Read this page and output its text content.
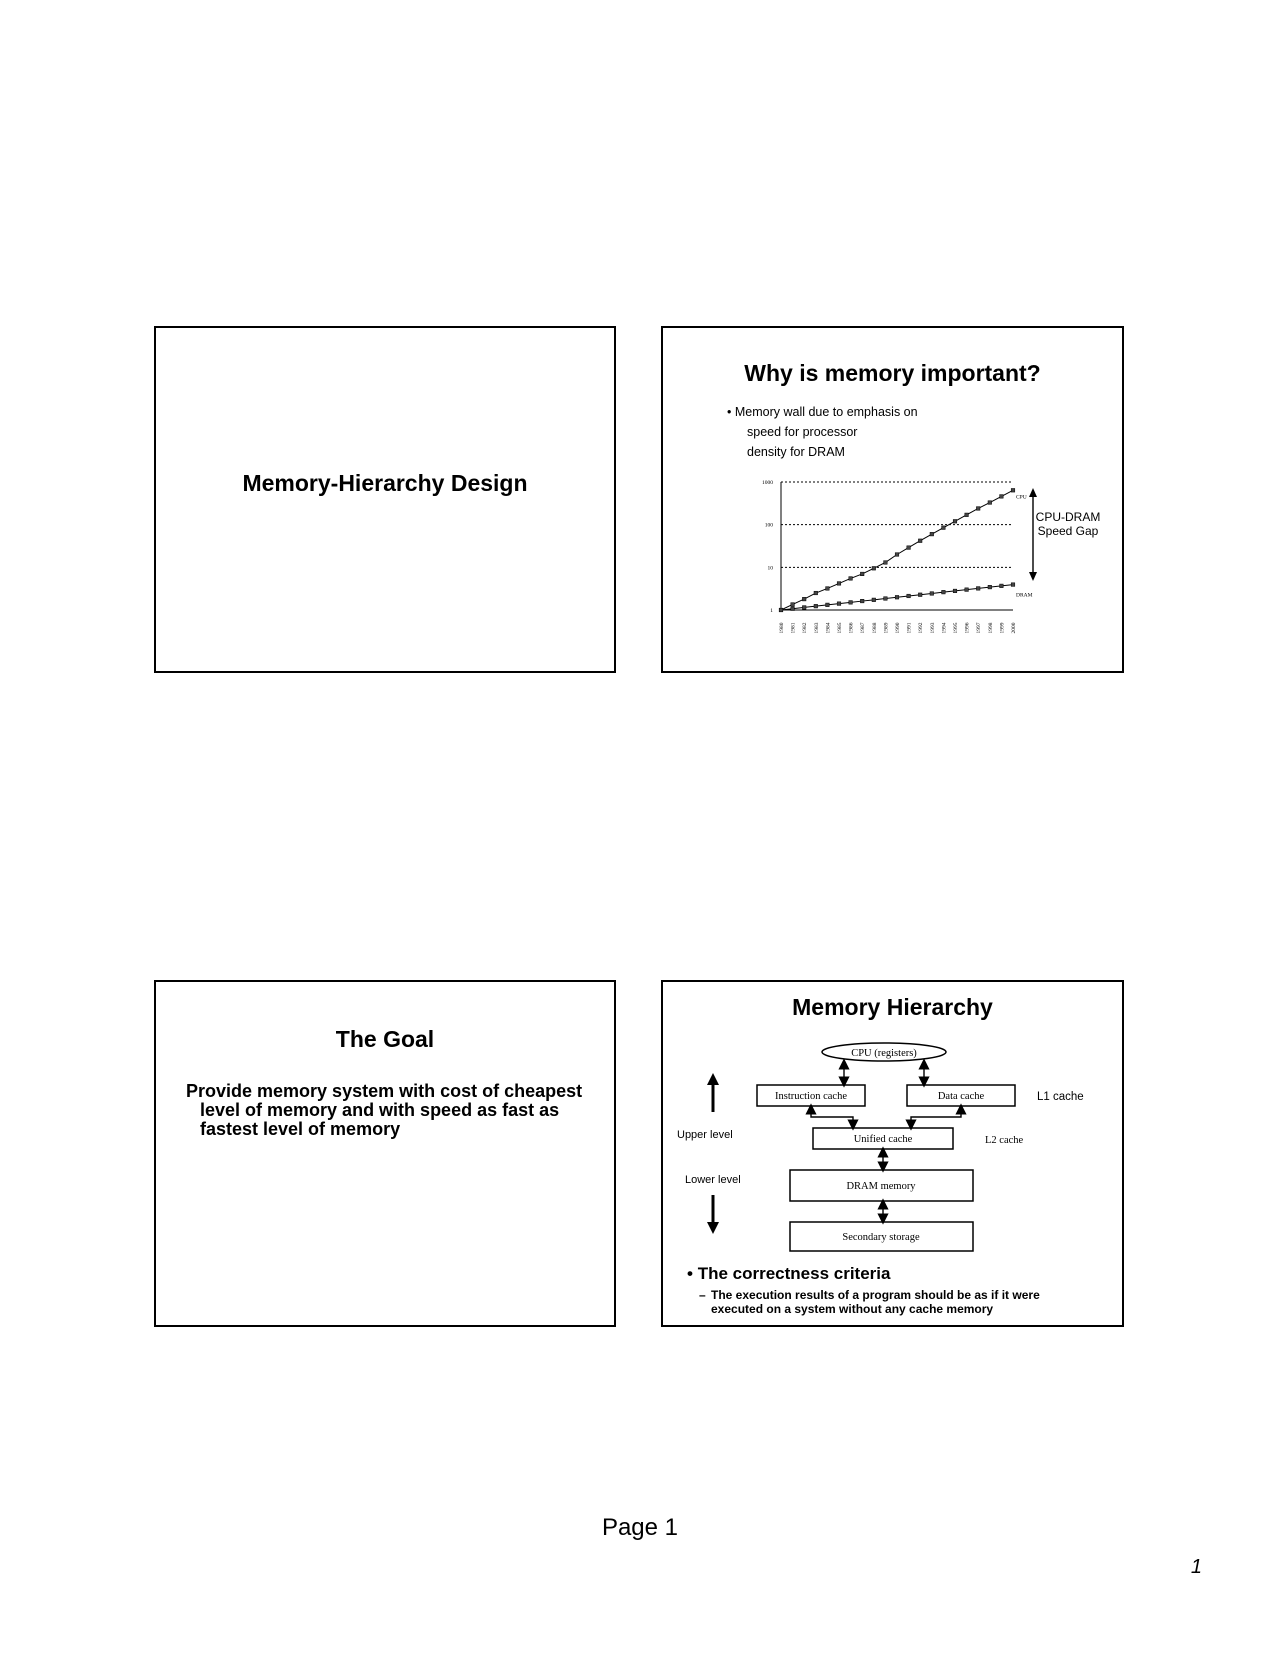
Memory-Hierarchy Design
Why is memory important?
• Memory wall due to emphasis on
speed for processor
density for DRAM
1
10
100
1000
1980 1981 1982 1983 1984 1985 1986 1987 1988 1989 1990 1991 1992 1993 1994 1995 1996 1997 1998 1999 2000
CPU
DRAM
CPU-DRAM
Speed Gap
The Goal
Provide memory system with cost of cheapest level of memory and with speed as fast as fastest level of memory
Memory Hierarchy
CPU (registers)
Instruction cache	Data cache	L1 cache
Unified cache	L2 cache
DRAM memory
Secondary storage
Upper level
Lower level
• The correctness criteria
– The execution results of a program should be as if it were executed on a system without any cache memory
Page 1
1
